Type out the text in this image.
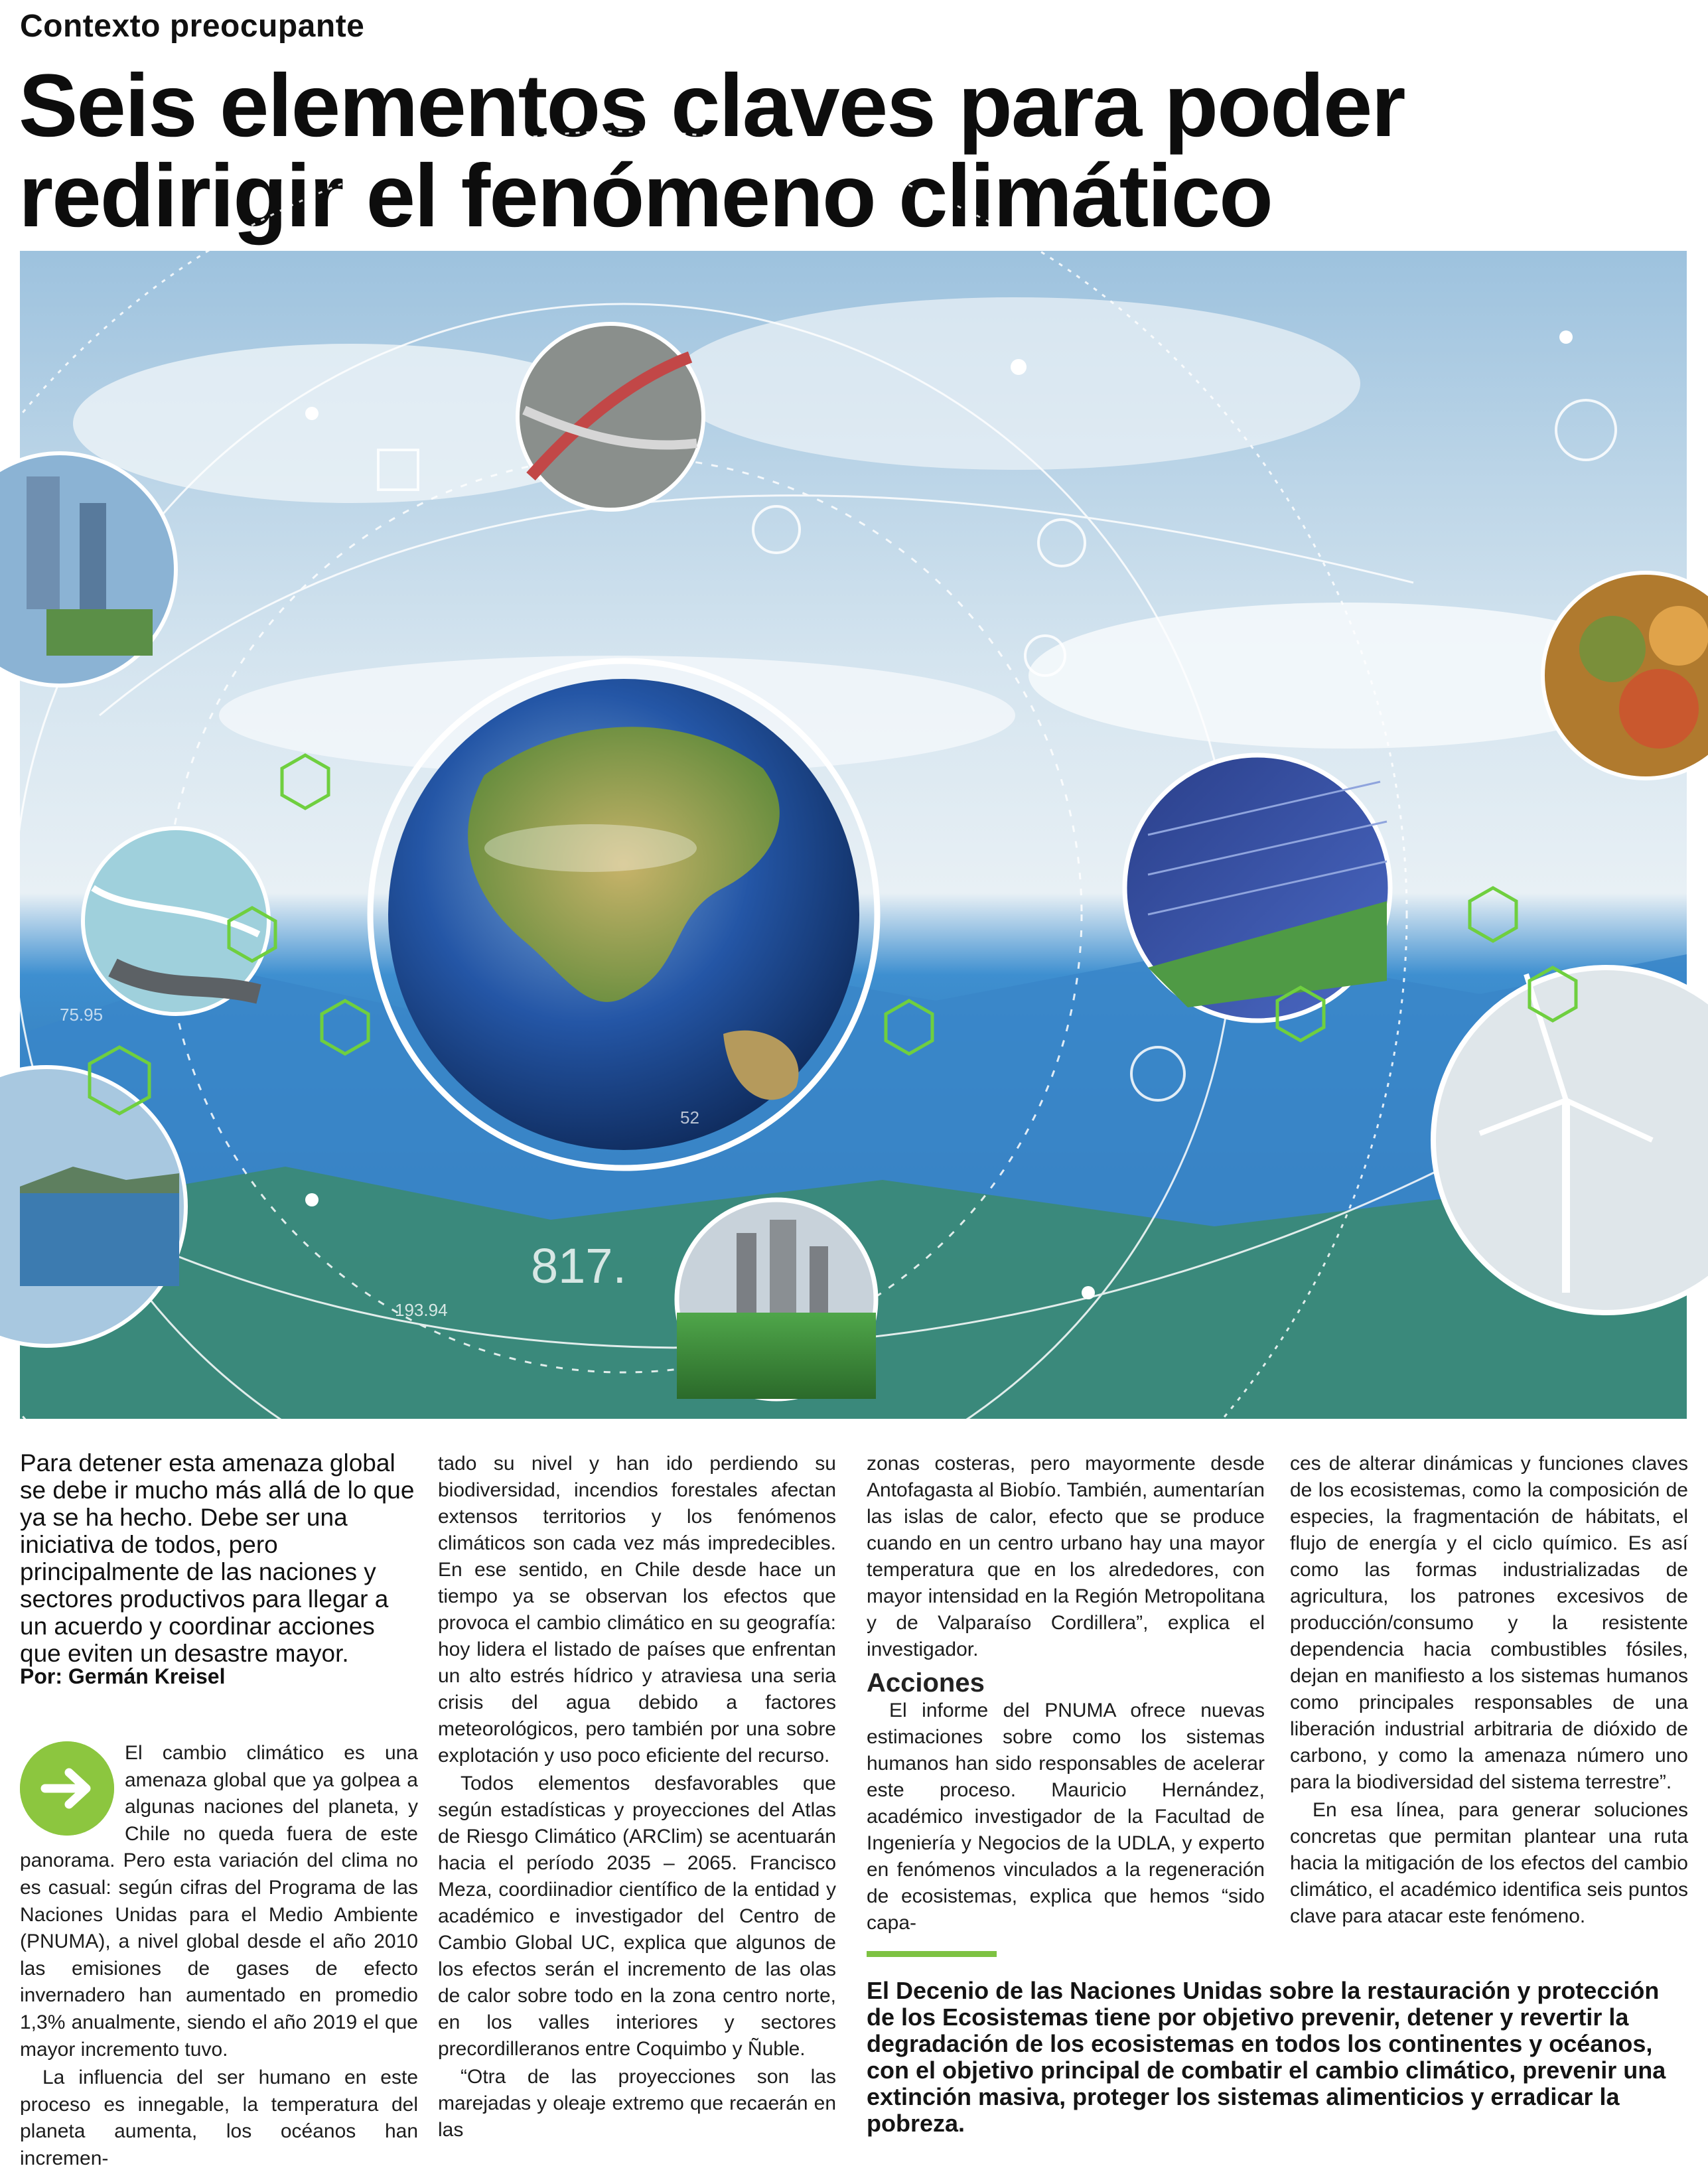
Contexto preocupante
Seis elementos claves para poder redirigir el fenómeno climático
817.
193.94
75.95
52
Para detener esta amenaza global se debe ir mucho más allá de lo que ya se ha hecho. Debe ser una iniciativa de todos, pero principalmente de las naciones y sectores productivos para llegar a un acuerdo y coordinar acciones que eviten un desastre mayor.
Por: Germán Kreisel

El cambio climático es una amenaza global que ya golpea a algunas naciones del planeta, y Chile no queda fuera de este panorama. Pero esta variación del clima no es casual: según cifras del Programa de las Naciones Unidas para el Medio Ambiente (PNUMA), a nivel global desde el año 2010 las emisiones de gases de efecto invernadero han aumentado en promedio 1,3% anualmente, siendo el año 2019 el que mayor incremento tuvo.

La influencia del ser humano en este proceso es innegable, la temperatura del planeta aumenta, los océanos han incremen-

tado su nivel y han ido perdiendo su biodiversidad, incendios forestales afectan extensos territorios y los fenómenos climáticos son cada vez más impredecibles. En ese sentido, en Chile desde hace un tiempo ya se observan los efectos que provoca el cambio climático en su geografía: hoy lidera el listado de países que enfrentan un alto estrés hídrico y atraviesa una seria crisis del agua debido a factores meteorológicos, pero también por una sobre explotación y uso poco eficiente del recurso.

Todos elementos desfavorables que según estadísticas y proyecciones del Atlas de Riesgo Climático (ARClim) se acentuarán hacia el período 2035 – 2065. Francisco Meza, coordiinadior científico de la entidad y académico e investigador del Centro de Cambio Global UC, explica que algunos de los efectos serán el incremento de las olas de calor sobre todo en la zona centro norte, en los valles interiores y sectores precordilleranos entre Coquimbo y Ñuble.

“Otra de las proyecciones son las marejadas y oleaje extremo que recaerán en las

zonas costeras, pero mayormente desde Antofagasta al Biobío. También, aumentarían las islas de calor, efecto que se produce cuando en un centro urbano hay una mayor temperatura que en los alrededores, con mayor intensidad en la Región Metropolitana y de Valparaíso Cordillera”, explica el investigador.

Acciones

El informe del PNUMA ofrece nuevas estimaciones sobre como los sistemas humanos han sido responsables de acelerar este proceso. Mauricio Hernández, académico investigador de la Facultad de Ingeniería y Negocios de la UDLA, y experto en fenómenos vinculados a la regeneración de ecosistemas, explica que hemos “sido capa-

ces de alterar dinámicas y funciones claves de los ecosistemas, como la composición de especies, la fragmentación de hábitats, el flujo de energía y el ciclo químico. Es así como las formas industrializadas de agricultura, los patrones excesivos de producción/consumo y la resistente dependencia hacia combustibles fósiles, dejan en manifiesto a los sistemas humanos como principales responsables de una liberación industrial arbitraria de dióxido de carbono, y como la amenaza número uno para la biodiversidad del sistema terrestre”.

En esa línea, para generar soluciones concretas que permitan plantear una ruta hacia la mitigación de los efectos del cambio climático, el académico identifica seis puntos clave para atacar este fenómeno.

El Decenio de las Naciones Unidas sobre la restauración y protección de los Ecosistemas tiene por objetivo prevenir, detener y revertir la degradación de los ecosistemas en todos los continentes y océanos, con el objetivo principal de combatir el cambio climático, prevenir una extinción masiva, proteger los sistemas alimenticios y erradicar la pobreza.
